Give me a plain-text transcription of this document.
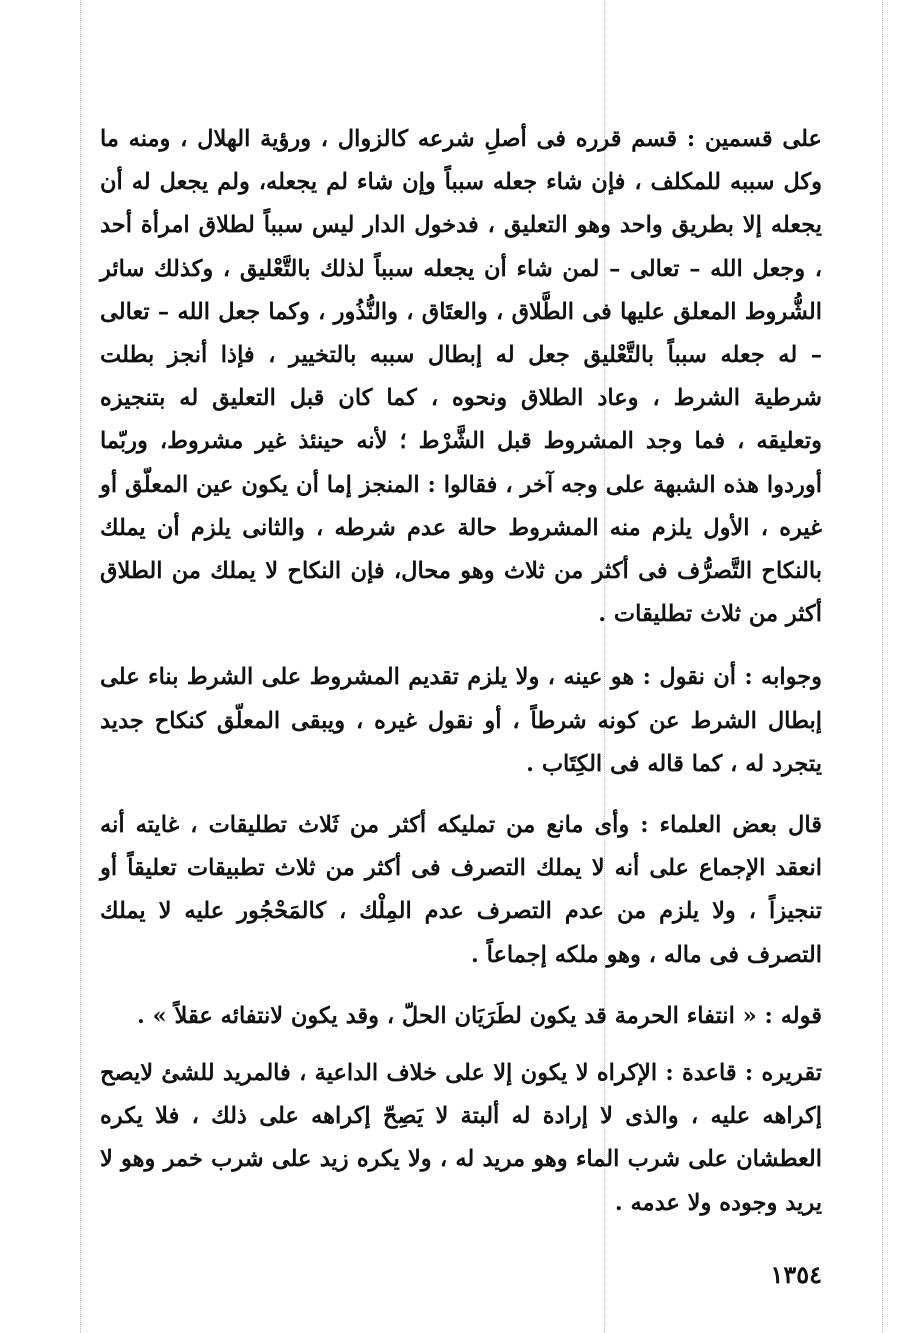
على قسمين : قسم قرره فى أصلِ شرعه كالزوال ، ورؤية الهلال ، ومنه ما وكل سببه للمكلف ، فإن شاء جعله سبباً وإن شاء لم يجعله، ولم يجعل له أن يجعله إلا بطريق واحد وهو التعليق ، فدخول الدار ليس سبباً لطلاق امرأة أحد ، وجعل الله – تعالى – لمن شاء أن يجعله سبباً لذلك بالتَّعْليق ، وكذلك سائر الشُّروط المعلق عليها فى الطَّلاق ، والعتَاق ، والنُّذُور ، وكما جعل الله – تعالى – له جعله سبباً بالتَّعْليق جعل له إبطال سببه بالتخيير ، فإذا أنجز بطلت شرطية الشرط ، وعاد الطلاق ونحوه ، كما كان قبل التعليق له بتنجيزه وتعليقه ، فما وجد المشروط قبل الشَّرْط ؛ لأنه حينئذ غير مشروط، وربّما أوردوا هذه الشبهة على وجه آخر ، فقالوا : المنجز إما أن يكون عين المعلّق أو غيره ، الأول يلزم منه المشروط حالة عدم شرطه ، والثانى يلزم أن يملك بالنكاح التَّصرُّف فى أكثر من ثلاث وهو محال، فإن النكاح لا يملك من الطلاق أكثر من ثلاث تطليقات .

وجوابه : أن نقول : هو عينه ، ولا يلزم تقديم المشروط على الشرط بناء على إبطال الشرط عن كونه شرطاً ، أو نقول غيره ، ويبقى المعلّق كنكاح جديد يتجرد له ، كما قاله فى الكِتَاب .

قال بعض العلماء : وأى مانع من تمليكه أكثر من ثَلاث تطليقات ، غايته أنه انعقد الإجماع على أنه لا يملك التصرف فى أكثر من ثلاث تطبيقات تعليقاً أو تنجيزاً ، ولا يلزم من عدم التصرف عدم المِلْك ، كالمَحْجُور عليه لا يملك التصرف فى ماله ، وهو ملكه إجماعاً .

قوله : « انتفاء الحرمة قد يكون لطَرَيَان الحلّ ، وقد يكون لانتفائه عقلاً » .

تقريره : قاعدة : الإكراه لا يكون إلا على خلاف الداعية ، فالمريد للشئ لايصح إكراهه عليه ، والذى لا إرادة له ألبتة لا يَصِحّ إكراهه على ذلك ، فلا يكره العطشان على شرب الماء وهو مريد له ، ولا يكره زيد على شرب خمر وهو لا يريد وجوده ولا عدمه .

١٣٥٤
